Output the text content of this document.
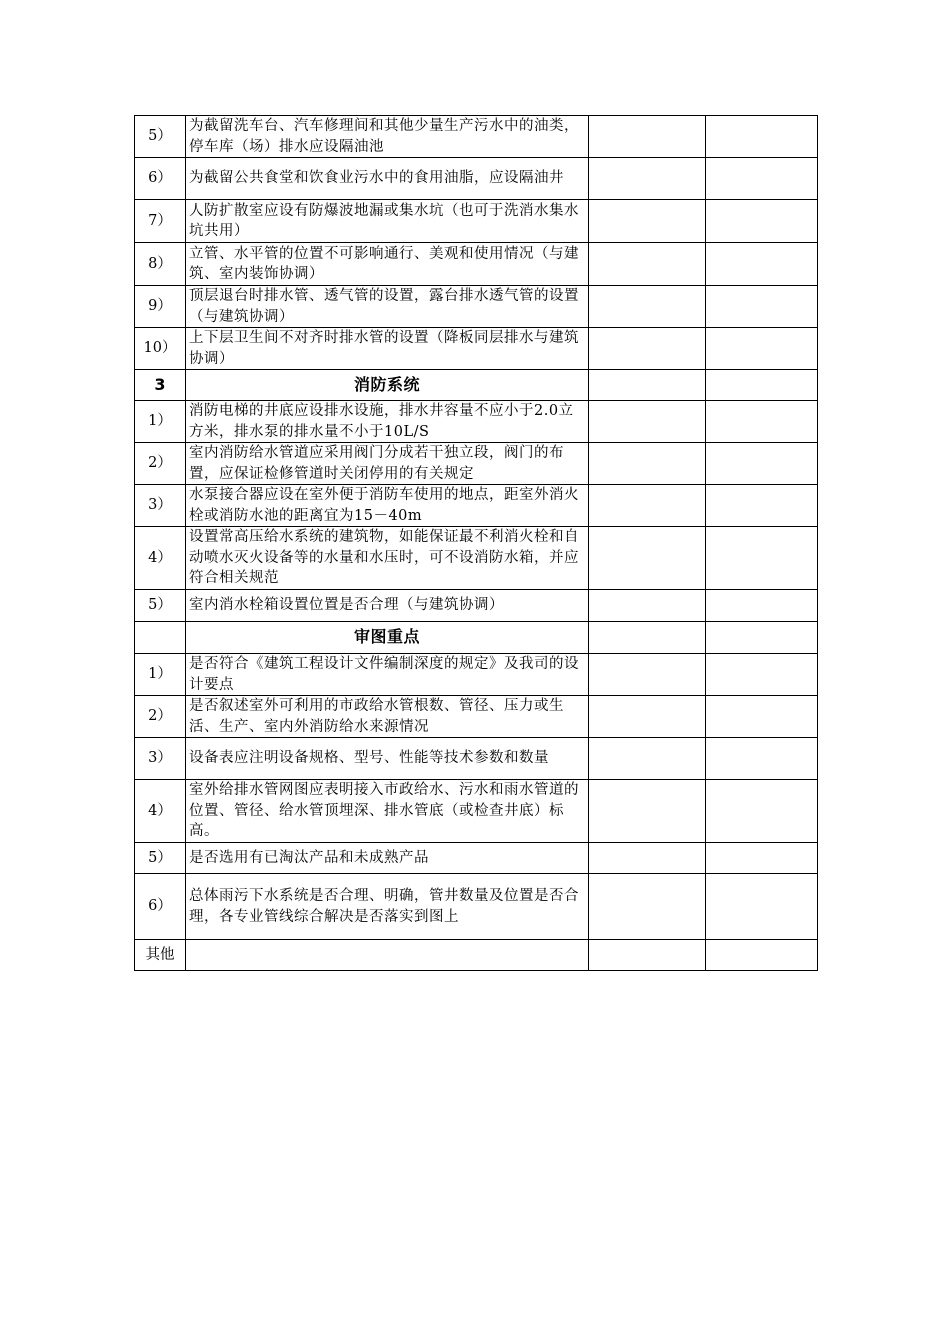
5）	为截留洗车台、汽车修理间和其他少量生产污水中的油类，停车库（场）排水应设隔油池		
6）	为截留公共食堂和饮食业污水中的食用油脂，应设隔油井		
7）	人防扩散室应设有防爆波地漏或集水坑（也可于洗消水集水坑共用）		
8）	立管、水平管的位置不可影响通行、美观和使用情况（与建筑、室内装饰协调）		
9）	顶层退台时排水管、透气管的设置，露台排水透气管的设置（与建筑协调）		
10）	上下层卫生间不对齐时排水管的设置（降板同层排水与建筑协调）		
3	消防系统		
1）	消防电梯的井底应设排水设施，排水井容量不应小于2.0立方米，排水泵的排水量不小于10L/S		
2）	室内消防给水管道应采用阀门分成若干独立段，阀门的布置，应保证检修管道时关闭停用的有关规定		
3）	水泵接合器应设在室外便于消防车使用的地点，距室外消火栓或消防水池的距离宜为15－40m		
4）	设置常高压给水系统的建筑物，如能保证最不利消火栓和自动喷水灭火设备等的水量和水压时，可不设消防水箱，并应符合相关规范		
5）	室内消水栓箱设置位置是否合理（与建筑协调）		
	审图重点		
1）	是否符合《建筑工程设计文件编制深度的规定》及我司的设计要点		
2）	是否叙述室外可利用的市政给水管根数、管径、压力或生活、生产、室内外消防给水来源情况		
3）	设备表应注明设备规格、型号、性能等技术参数和数量		
4）	室外给排水管网图应表明接入市政给水、污水和雨水管道的位置、管径、给水管顶埋深、排水管底（或检查井底）标高。		
5）	是否选用有已淘汰产品和未成熟产品		
6）	总体雨污下水系统是否合理、明确，管井数量及位置是否合理，各专业管线综合解决是否落实到图上		
其他			
